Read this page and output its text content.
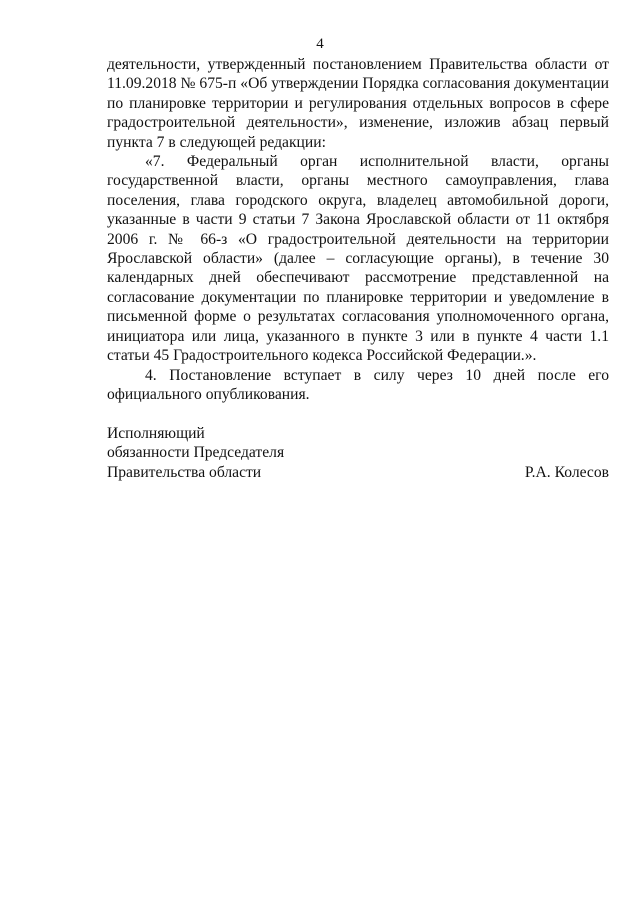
4

деятельности, утвержденный постановлением Правительства области от 11.09.2018 № 675-п «Об утверждении Порядка согласования документации по планировке территории и регулирования отдельных вопросов в сфере градостроительной деятельности», изменение, изложив абзац первый пункта 7 в следующей редакции:

«7. Федеральный орган исполнительной власти, органы государственной власти, органы местного самоуправления, глава поселения, глава городского округа, владелец автомобильной дороги, указанные в части 9 статьи 7 Закона Ярославской области от 11 октября 2006 г. № 66-з «О градостроительной деятельности на территории Ярославской области» (далее – согласующие органы), в течение 30 календарных дней обеспечивают рассмотрение представленной на согласование документации по планировке территории и уведомление в письменной форме о результатах согласования уполномоченного органа, инициатора или лица, указанного в пункте 3 или в пункте 4 части 1.1 статьи 45 Градостроительного кодекса Российской Федерации.».

4. Постановление вступает в силу через 10 дней после его официального опубликования.

Исполняющий
обязанности Председателя
Правительства области	Р.А. Колесов
